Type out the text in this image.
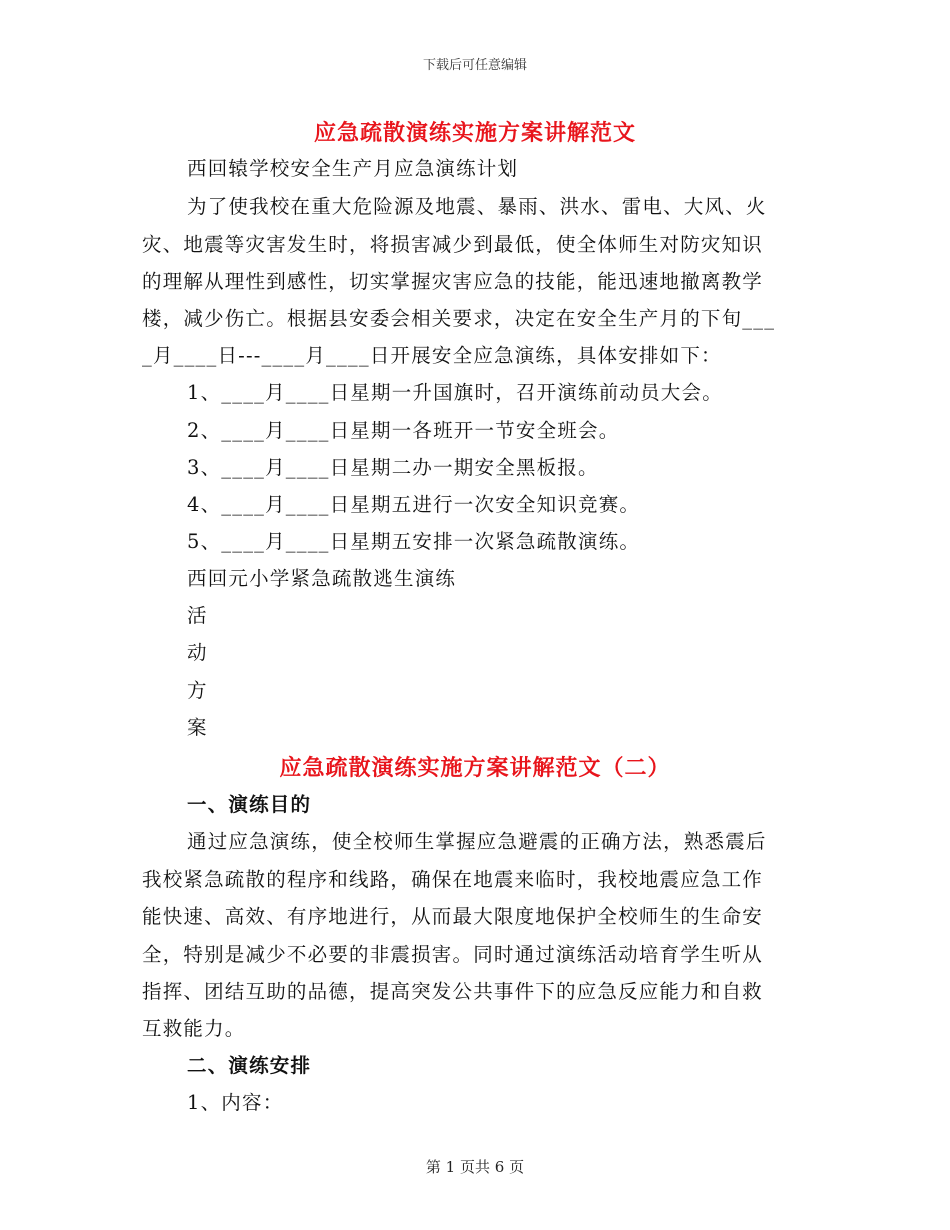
下载后可任意编辑
应急疏散演练实施方案讲解范文
西回辕学校安全生产月应急演练计划
为了使我校在重大危险源及地震、暴雨、洪水、雷电、大风、火
灾、地震等灾害发生时，将损害减少到最低，使全体师生对防灾知识
的理解从理性到感性，切实掌握灾害应急的技能，能迅速地撤离教学
楼，减少伤亡。根据县安委会相关要求，决定在安全生产月的下旬___
_月____日---____月____日开展安全应急演练，具体安排如下：
1、____月____日星期一升国旗时，召开演练前动员大会。
2、____月____日星期一各班开一节安全班会。
3、____月____日星期二办一期安全黑板报。
4、____月____日星期五进行一次安全知识竞赛。
5、____月____日星期五安排一次紧急疏散演练。
西回元小学紧急疏散逃生演练
活
动
方
案
应急疏散演练实施方案讲解范文（二）
一、演练目的
通过应急演练，使全校师生掌握应急避震的正确方法，熟悉震后
我校紧急疏散的程序和线路，确保在地震来临时，我校地震应急工作
能快速、高效、有序地进行，从而最大限度地保护全校师生的生命安
全，特别是减少不必要的非震损害。同时通过演练活动培育学生听从
指挥、团结互助的品德，提高突发公共事件下的应急反应能力和自救
互救能力。
二、演练安排
1、内容：
第 1 页共 6 页
